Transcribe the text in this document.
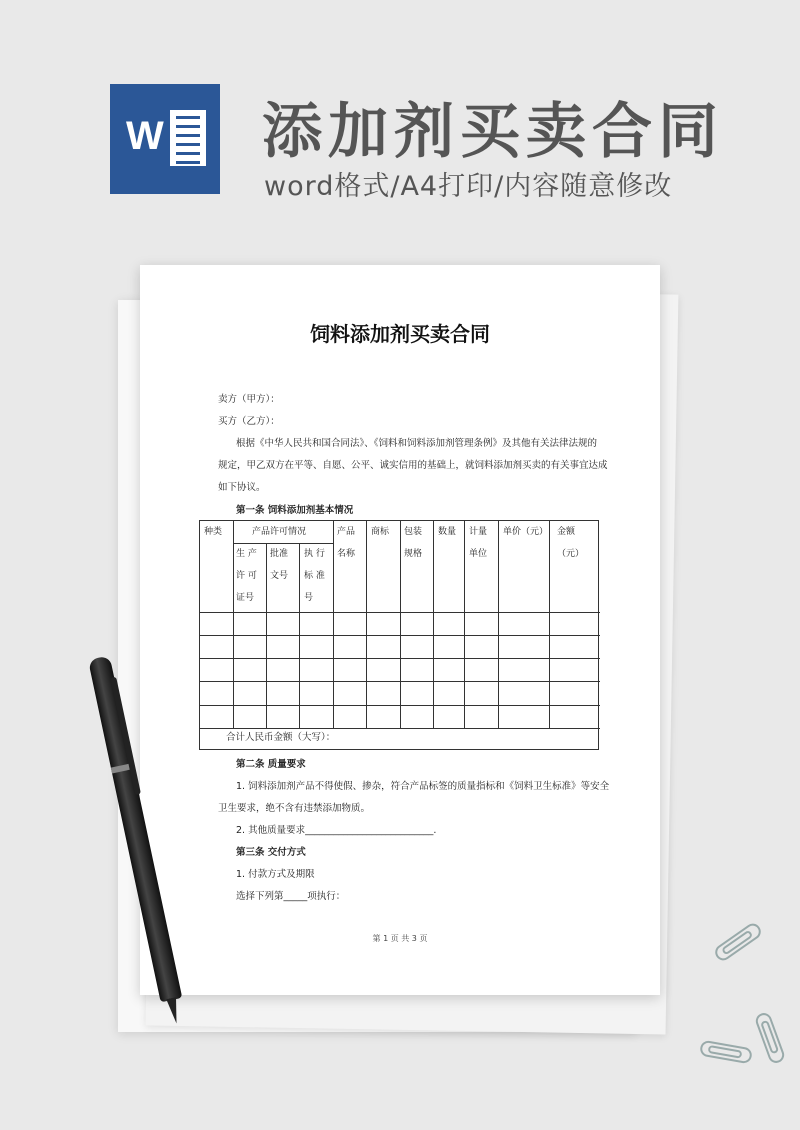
W 添加剂买卖合同
word格式/A4打印/内容随意修改
饲料添加剂买卖合同
卖方（甲方）：
买方（乙方）：
根据《中华人民共和国合同法》、《饲料和饲料添加剂管理条例》及其他有关法律法规的
规定，甲乙双方在平等、自愿、公平、诚实信用的基础上，就饲料添加剂买卖的有关事宜达成
如下协议。
第一条 饲料添加剂基本情况
种类	产品许可情况
生 产
许 可
证号
批准
文号
执 行
标 准
号
产品
名称
商标 包装
规格
数量 计量
单位
单价（元） 金额
（元）
合计人民币金额（大写）：
第二条 质量要求
1. 饲料添加剂产品不得使假、掺杂，符合产品标签的质量指标和《饲料卫生标准》等安全
卫生要求，绝不含有违禁添加物质。
2. 其他质量要求___________________________.
第三条 交付方式
1. 付款方式及期限
选择下列第_____项执行：
第 1 页 共 3 页
